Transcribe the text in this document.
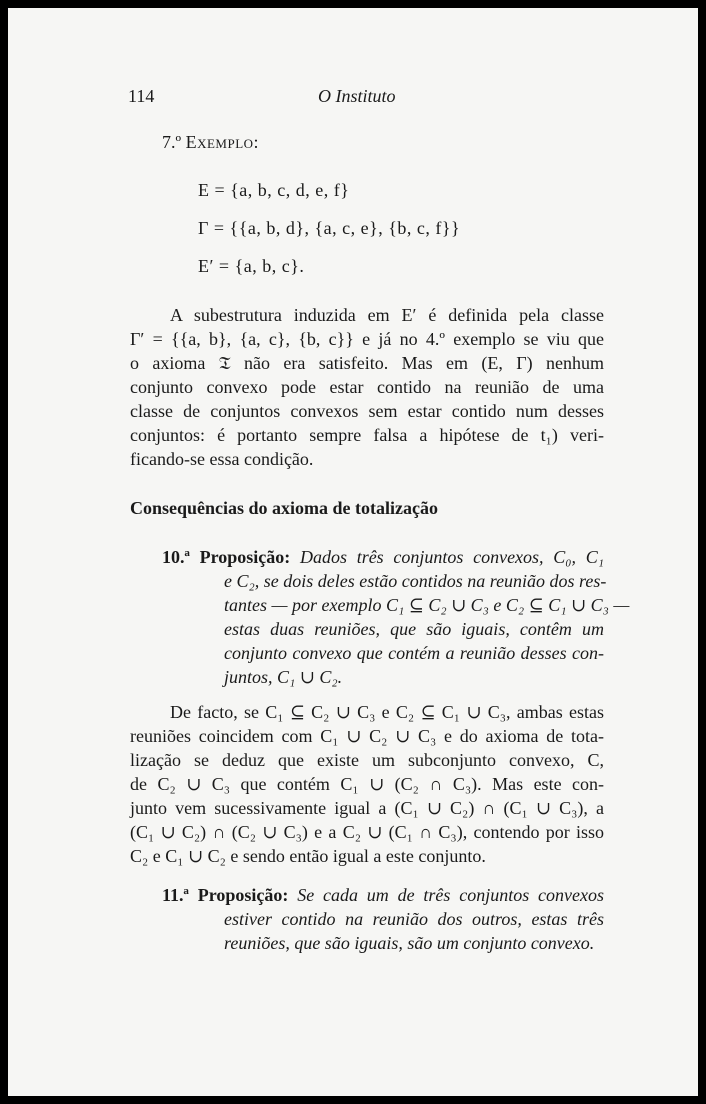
114	O Instituto
7.º Exemplo:
E = {a, b, c, d, e, f}
Γ = {{a, b, d}, {a, c, e}, {b, c, f}}
E′ = {a, b, c}.
A subestrutura induzida em E′ é definida pela classe
Γ′ = {{a, b}, {a, c}, {b, c}} e já no 4.º exemplo se viu que
o axioma 𝔗 não era satisfeito. Mas em (E, Γ) nenhum
conjunto convexo pode estar contido na reunião de uma
classe de conjuntos convexos sem estar contido num desses
conjuntos: é portanto sempre falsa a hipótese de t₁) veri-
ficando-se essa condição.
Consequências do axioma de totalização
10.ª Proposição: Dados três conjuntos convexos, C₀, C₁
e C₂, se dois deles estão contidos na reunião dos res-
tantes — por exemplo C₁ ⊆ C₂ ∪ C₃ e C₂ ⊆ C₁ ∪ C₃ —
estas duas reuniões, que são iguais, contêm um
conjunto convexo que contém a reunião desses con-
juntos, C₁ ∪ C₂.
De facto, se C₁ ⊆ C₂ ∪ C₃ e C₂ ⊆ C₁ ∪ C₃, ambas estas
reuniões coincidem com C₁ ∪ C₂ ∪ C₃ e do axioma de tota-
lização se deduz que existe um subconjunto convexo, C,
de C₂ ∪ C₃ que contém C₁ ∪ (C₂ ∩ C₃). Mas este con-
junto vem sucessivamente igual a (C₁ ∪ C₂) ∩ (C₁ ∪ C₃), a
(C₁ ∪ C₂) ∩ (C₂ ∪ C₃) e a C₂ ∪ (C₁ ∩ C₃), contendo por isso
C₂ e C₁ ∪ C₂ e sendo então igual a este conjunto.
11.ª Proposição: Se cada um de três conjuntos convexos
estiver contido na reunião dos outros, estas três
reuniões, que são iguais, são um conjunto convexo.
